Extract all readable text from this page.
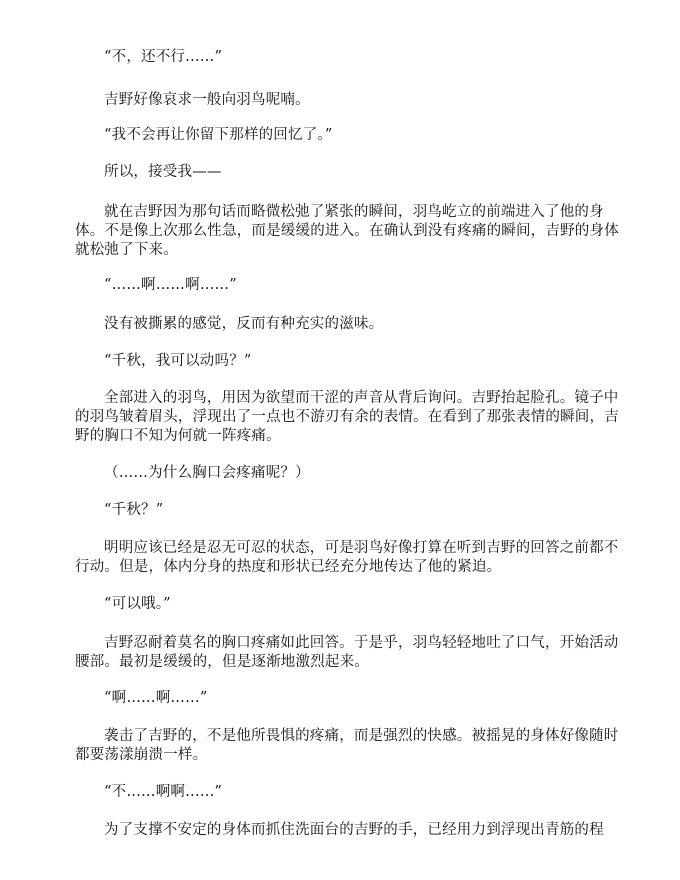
“不，还不行……”

吉野好像哀求一般向羽鸟呢喃。

“我不会再让你留下那样的回忆了。”

所以，接受我——

就在吉野因为那句话而略微松弛了紧张的瞬间，羽鸟屹立的前端进入了他的身体。不是像上次那么性急，而是缓缓的进入。在确认到没有疼痛的瞬间，吉野的身体就松弛了下来。

“……啊……啊……”

没有被撕累的感觉，反而有种充实的滋味。

“千秋，我可以动吗？”

全部进入的羽鸟，用因为欲望而干涩的声音从背后询问。吉野抬起脸孔。镜子中的羽鸟皱着眉头，浮现出了一点也不游刃有余的表情。在看到了那张表情的瞬间，吉野的胸口不知为何就一阵疼痛。

（……为什么胸口会疼痛呢？）

“千秋？”

明明应该已经是忍无可忍的状态，可是羽鸟好像打算在听到吉野的回答之前都不行动。但是，体内分身的热度和形状已经充分地传达了他的紧迫。

“可以哦。”

吉野忍耐着莫名的胸口疼痛如此回答。于是乎，羽鸟轻轻地吐了口气，开始活动腰部。最初是缓缓的，但是逐渐地激烈起来。

“啊……啊……”

袭击了吉野的，不是他所畏惧的疼痛，而是强烈的快感。被摇晃的身体好像随时都要荡漾崩溃一样。

“不……啊啊……”

为了支撑不安定的身体而抓住洗面台的吉野的手，已经用力到浮现出青筋的程
